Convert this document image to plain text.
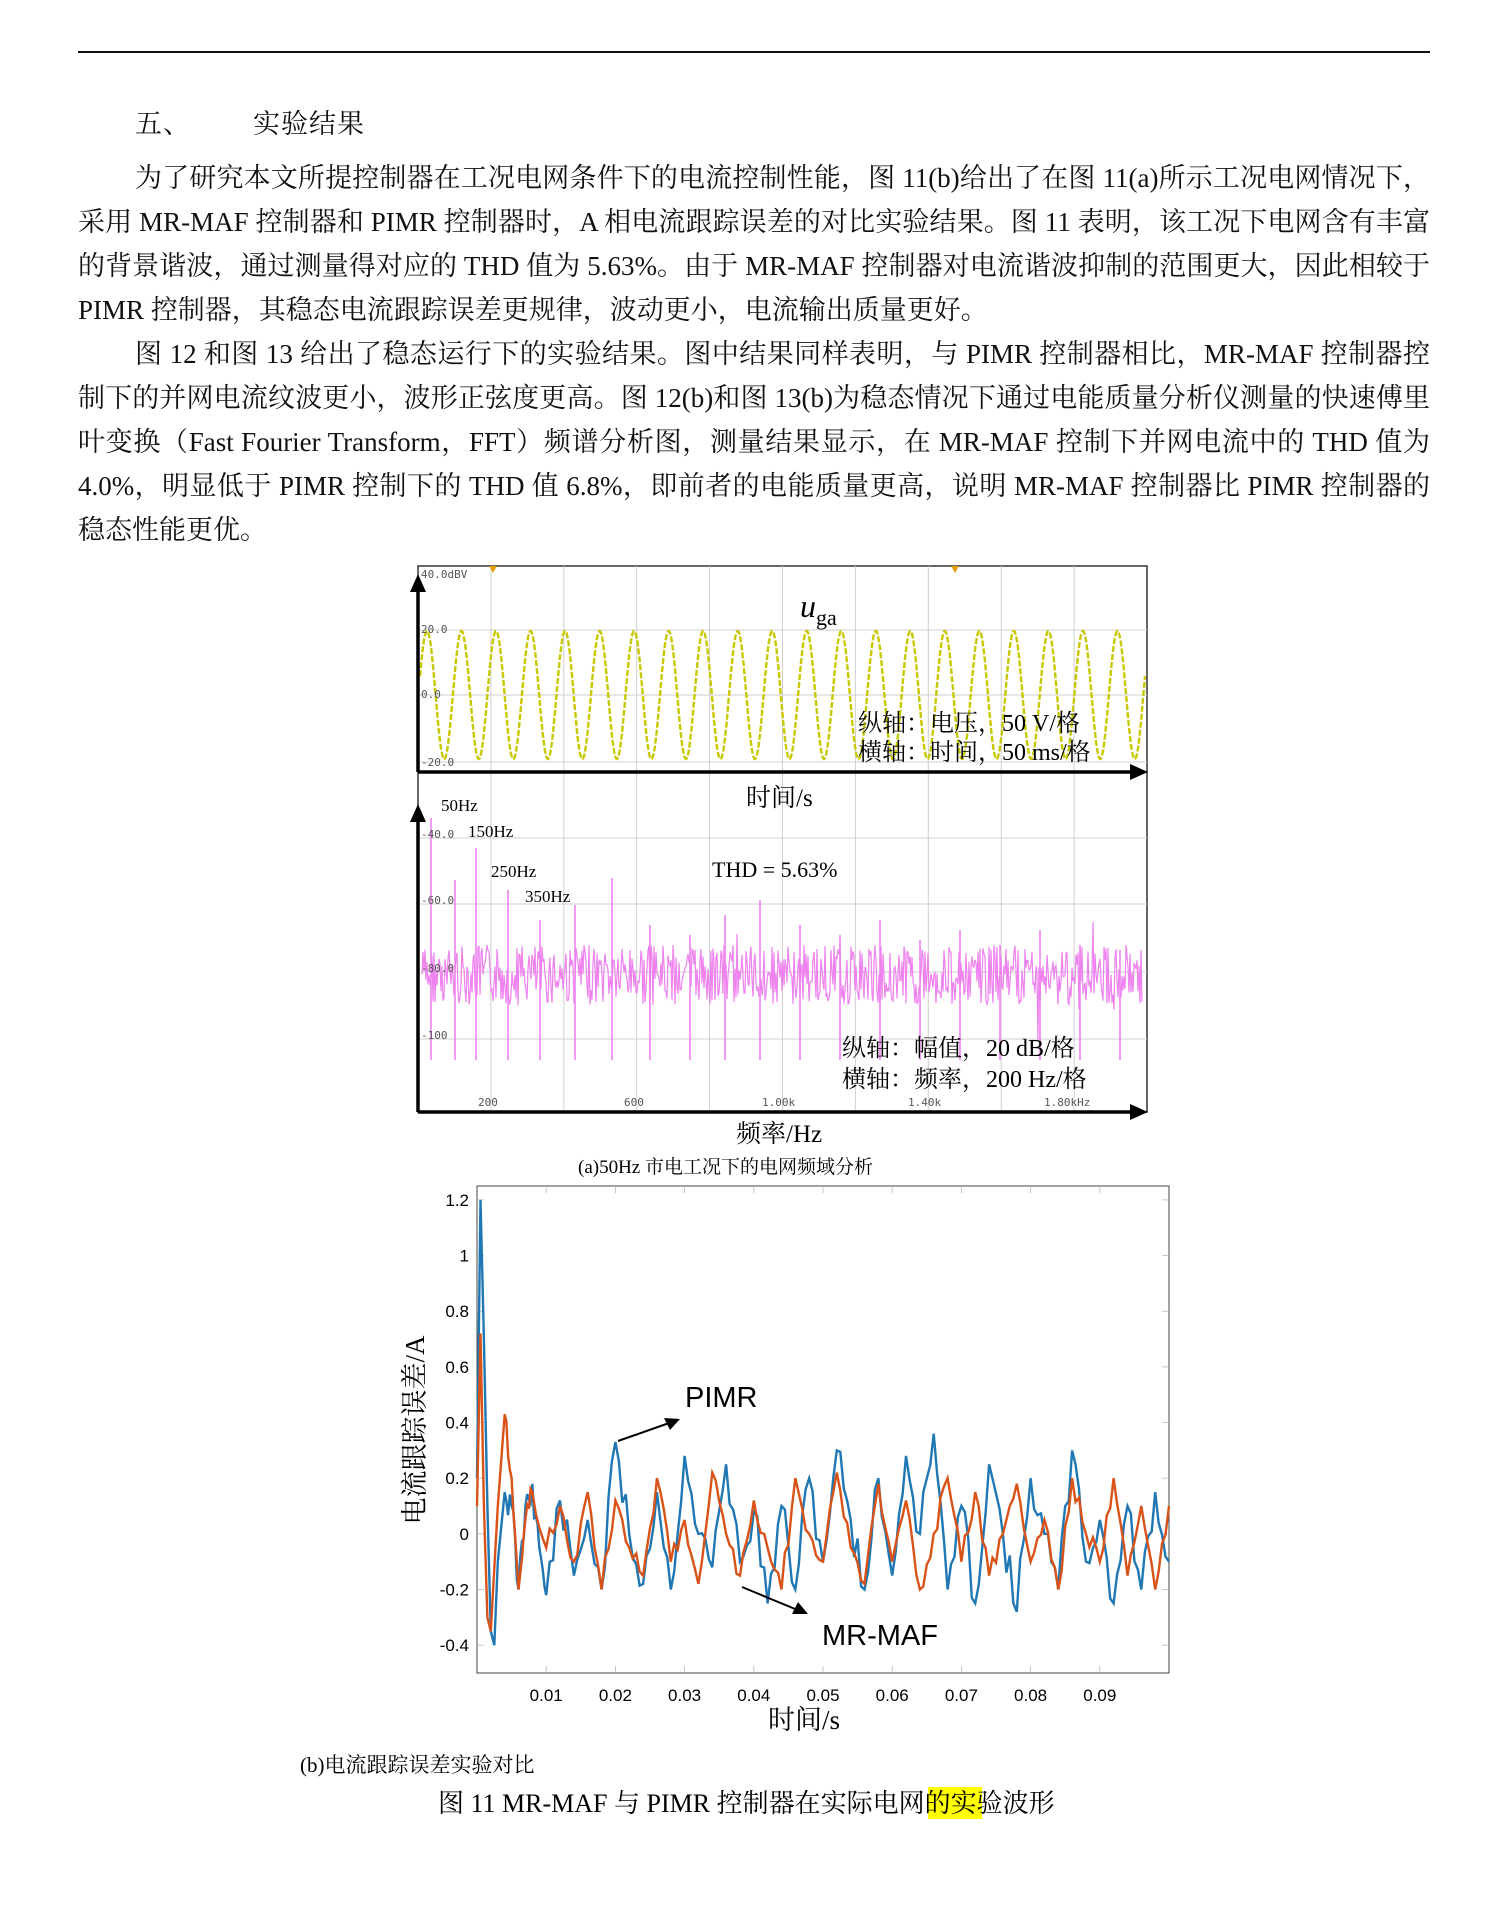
五、 实验结果

为了研究本文所提控制器在工况电网条件下的电流控制性能，图 11(b)给出了在图 11(a)所示工况电网情况下，采用 MR-MAF 控制器和 PIMR 控制器时，A 相电流跟踪误差的对比实验结果。图 11 表明，该工况下电网含有丰富的背景谐波，通过测量得对应的 THD 值为 5.63%。由于 MR-MAF 控制器对电流谐波抑制的范围更大，因此相较于 PIMR 控制器，其稳态电流跟踪误差更规律，波动更小，电流输出质量更好。

图 12 和图 13 给出了稳态运行下的实验结果。图中结果同样表明，与 PIMR 控制器相比，MR-MAF 控制器控制下的并网电流纹波更小，波形正弦度更高。图 12(b)和图 13(b)为稳态情况下通过电能质量分析仪测量的快速傅里叶变换（Fast Fourier Transform，FFT）频谱分析图，测量结果显示，在 MR-MAF 控制下并网电流中的 THD 值为 4.0%，明显低于 PIMR 控制下的 THD 值 6.8%，即前者的电能质量更高，说明 MR-MAF 控制器比 PIMR 控制器的稳态性能更优。

40.0dBV
20.0
0.0
-20.0
$u_{ga}$
纵轴：电压，50 V/格
横轴：时间，50 ms/格
时间/s
-40.0
-60.0
-80.0
-100
200	600	1.00k	1.40k	1.80kHz
50Hz
150Hz
250Hz
350Hz
THD = 5.63%
纵轴：幅值，20 dB/格
横轴：频率，200 Hz/格
频率/Hz
(a)50Hz 市电工况下的电网频域分析
1.2
1
0.8
0.6
0.4
0.2
0
-0.2
-0.4
0.01 0.02 0.03 0.04 0.05 0.06 0.07 0.08 0.09
PIMR
MR-MAF
电流跟踪误差/A
时间/s
(b)电流跟踪误差实验对比
图 11 MR-MAF 与 PIMR 控制器在实际电网的实验波形
